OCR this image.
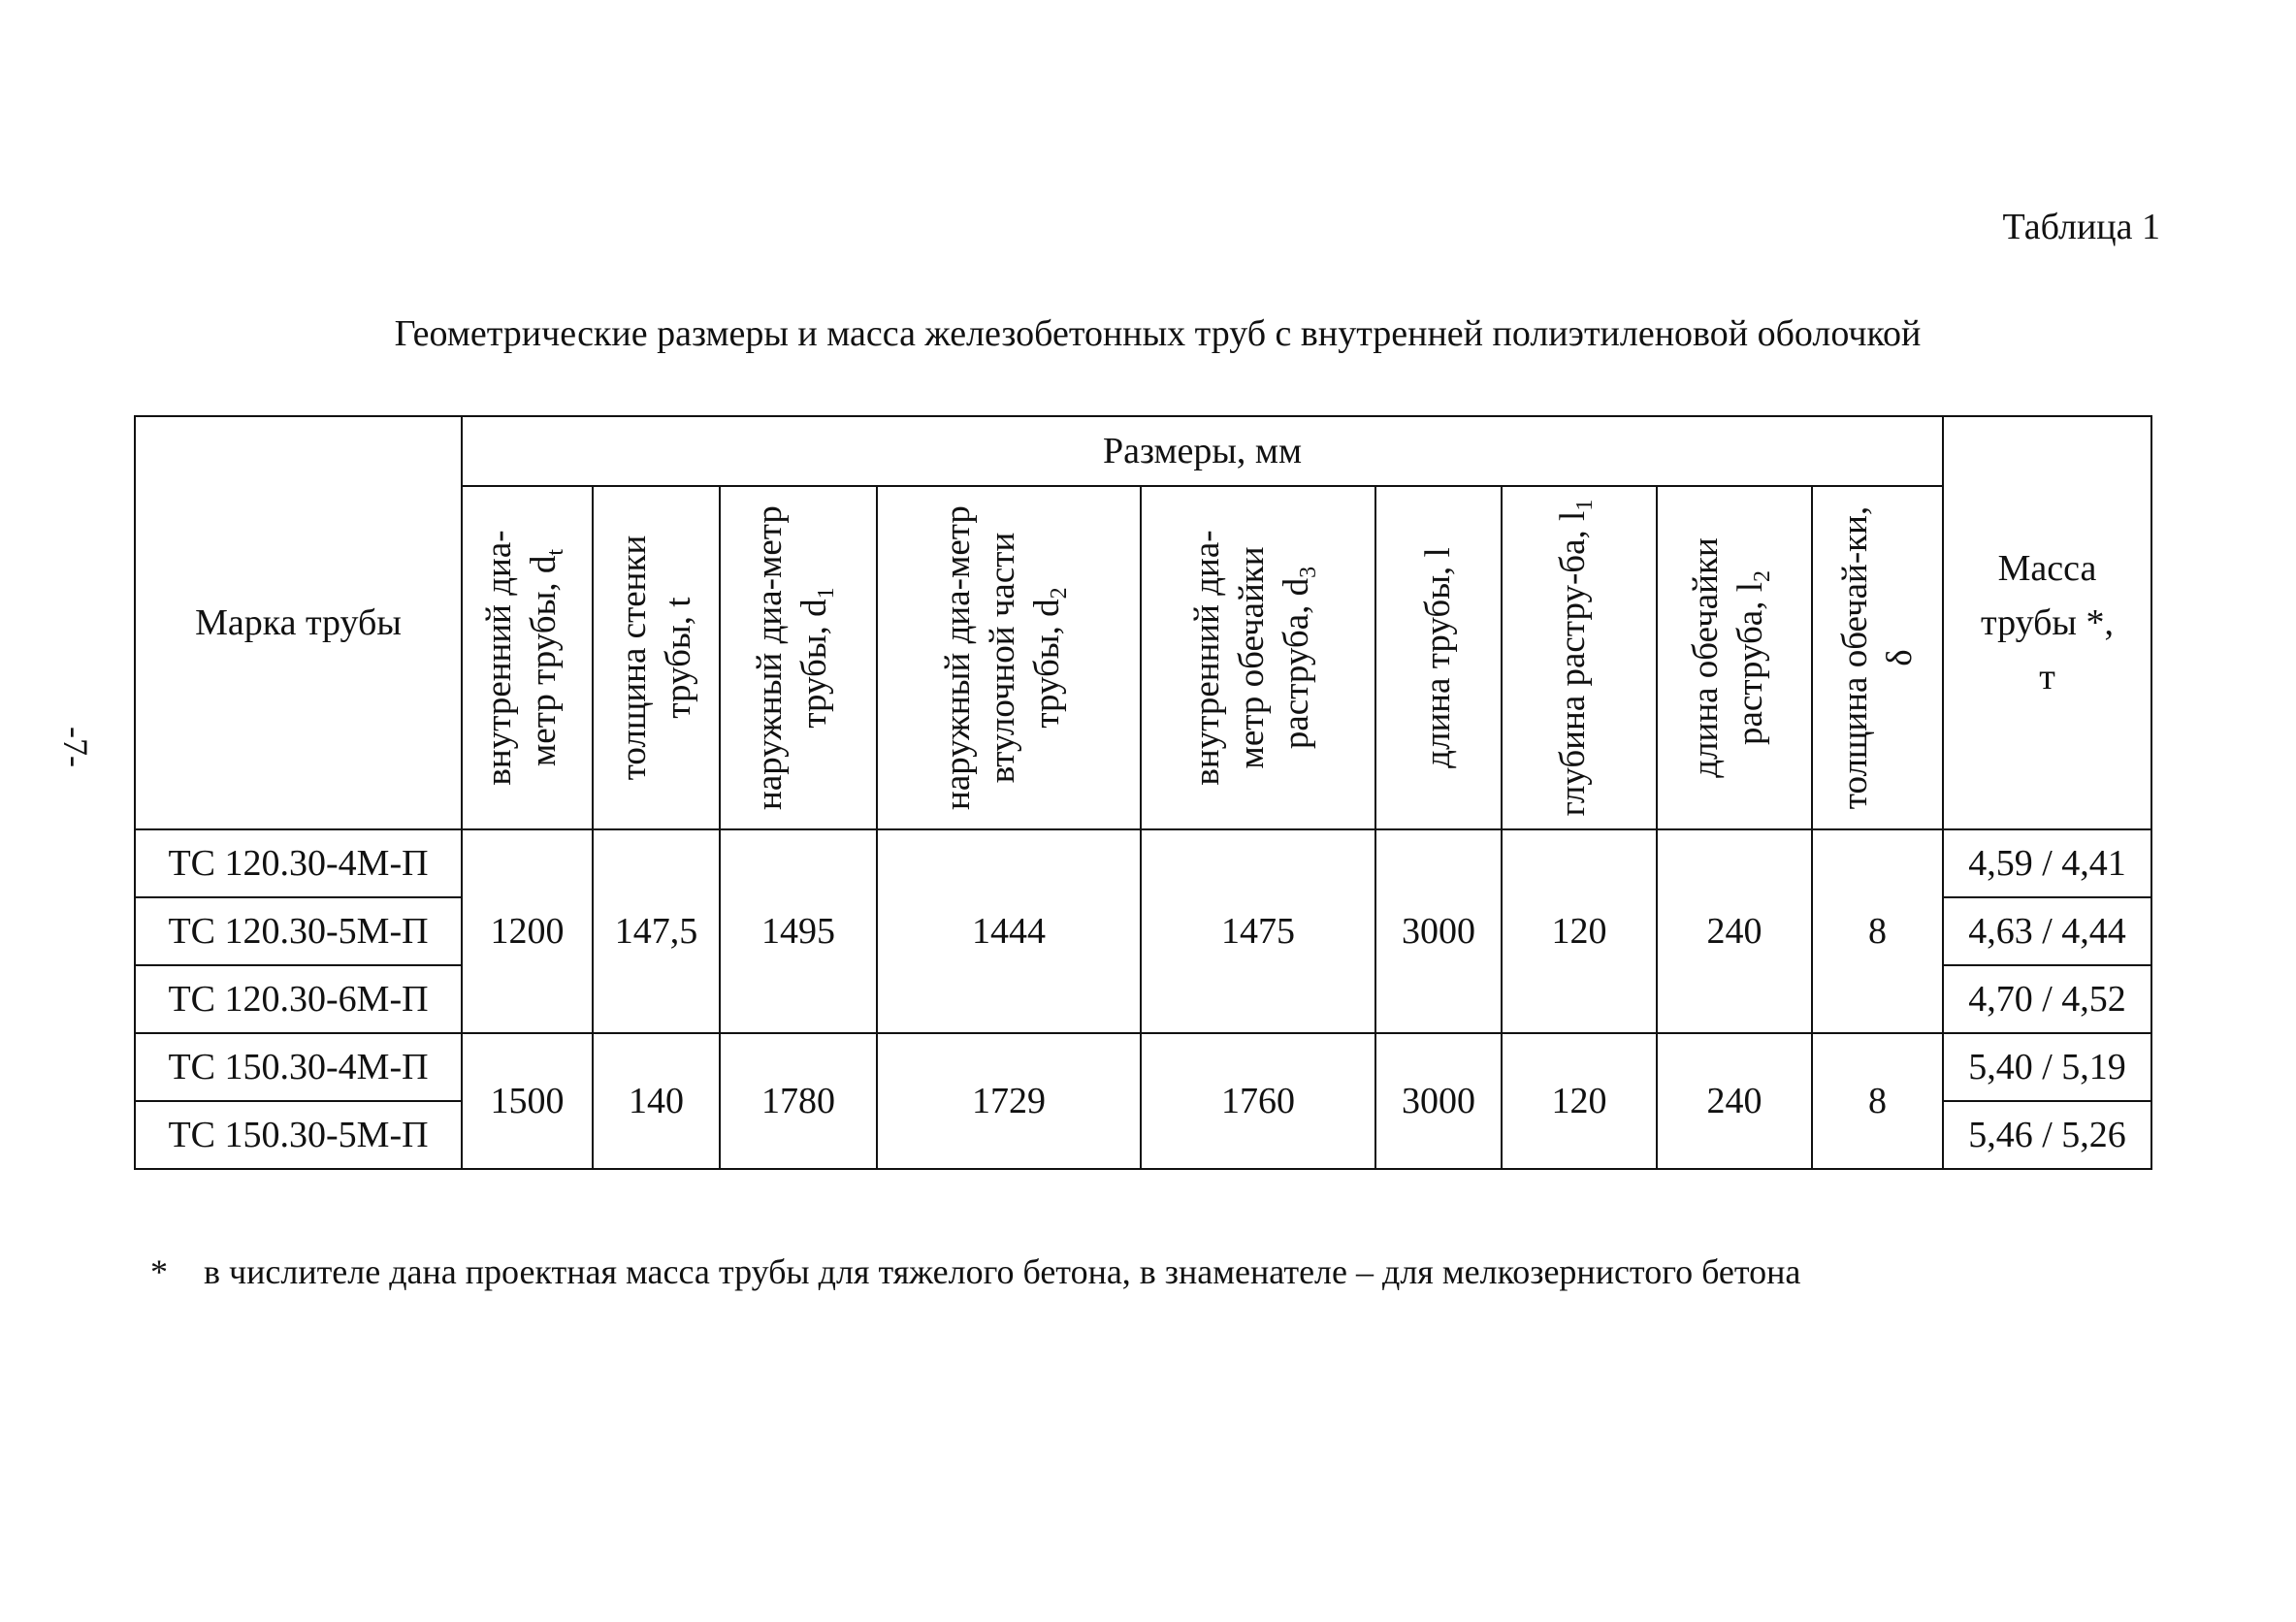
-7-
Таблица 1
Геометрические размеры и масса железобетонных труб с внутренней полиэтиленовой оболочкой
Марка трубы	Размеры, мм									Масса трубы *, т

	внутренний диа-метр трубы, $d_t$	толщина стенки трубы, t	наружный диа-метр трубы, $d_1$	наружный диа-метр втулочной части трубы, $d_2$	внутренний диа-метр обечайки раструба, $d_3$	длина трубы, l	глубина растру-ба, $l_1$	длина обечайки раструба, $l_2$	толщина обечай-ки, δ	

ТС 120.30-4М-П	1200	147,5	1495	1444	1475	3000	120	240	8	4,59 / 4,41
ТС 120.30-5М-П										4,63 / 4,44
ТС 120.30-6М-П										4,70 / 4,52
ТС 150.30-4М-П	1500	140	1780	1729	1760	3000	120	240	8	5,40 / 5,19
ТС 150.30-5М-П										5,46 / 5,26
* в числителе дана проектная масса трубы для тяжелого бетона, в знаменателе – для мелкозернистого бетона
